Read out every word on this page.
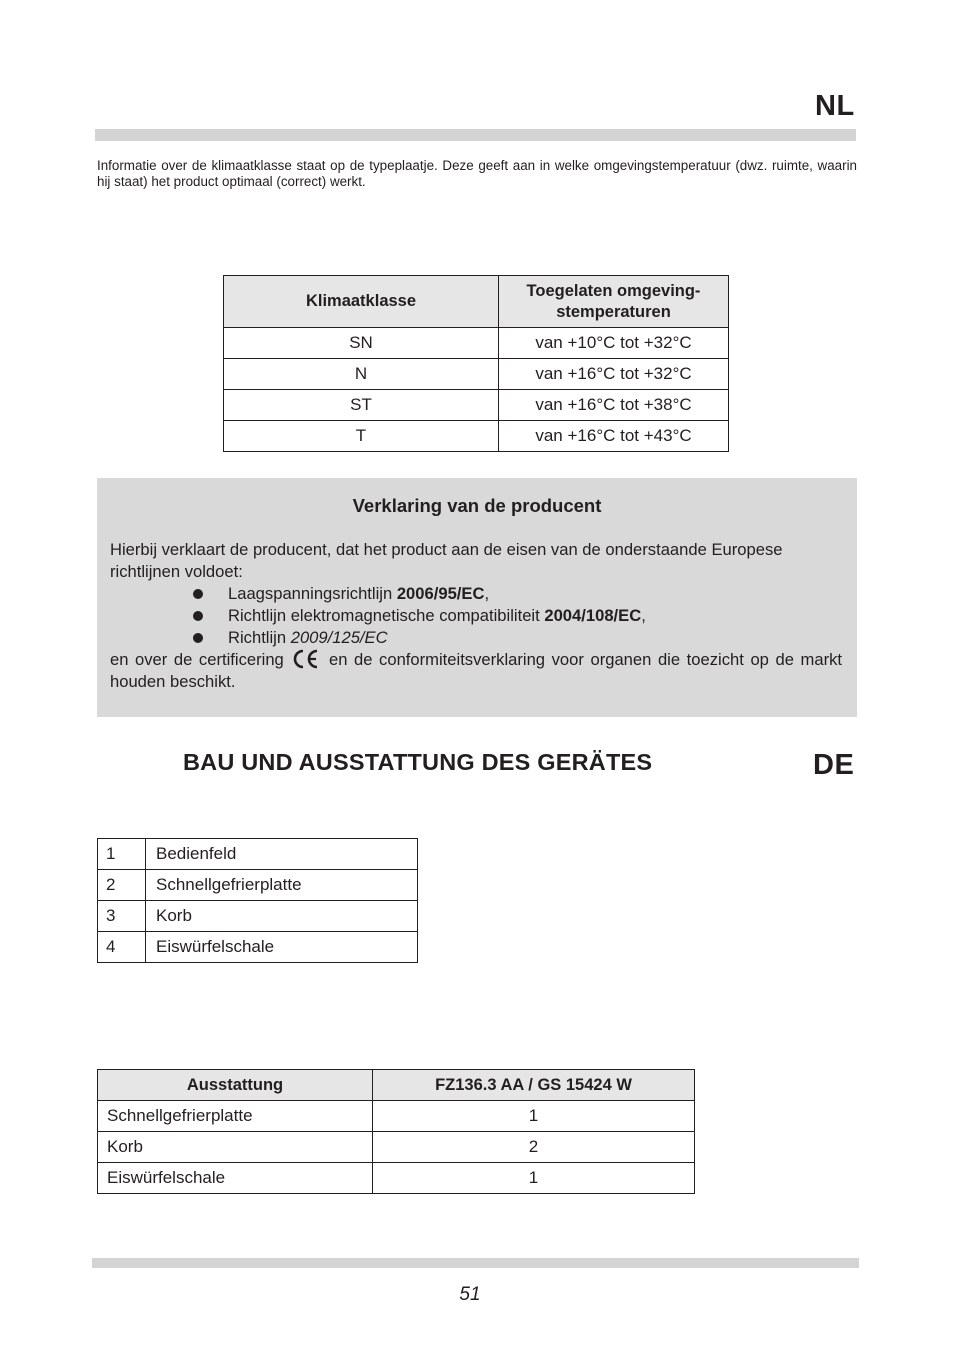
NL
Informatie over de klimaatklasse staat op de typeplaatje. Deze geeft aan in welke omgevingstemperatuur (dwz. ruimte, waarin hij staat) het product optimaal (correct) werkt.
Klimaatklasse	Toegelaten omgeving-
stemperaturen
SN	van +10°C tot +32°C
N	van +16°C tot +32°C
ST	van +16°C tot +38°C
T	van +16°C tot +43°C
Verklaring van de producent

Hierbij verklaart de producent, dat het product aan de eisen van de onderstaande Europese richtlijnen voldoet:

Laagspanningsrichtlijn 2006/95/EC,
Richtlijn elektromagnetische compatibiliteit 2004/108/EC,
Richtlijn 2009/125/EC

en over de certificering	en de conformiteitsverklaring voor organen die toezicht op de markt houden beschikt.

BAU UND AUSSTATTUNG DES GERÄTES	DE
1	Bedienfeld
2	Schnellgefrierplatte
3	Korb
4	Eiswürfelschale
Ausstattung	FZ136.3 AA / GS 15424 W
Schnellgefrierplatte	1
Korb	2
Eiswürfelschale	1
51
